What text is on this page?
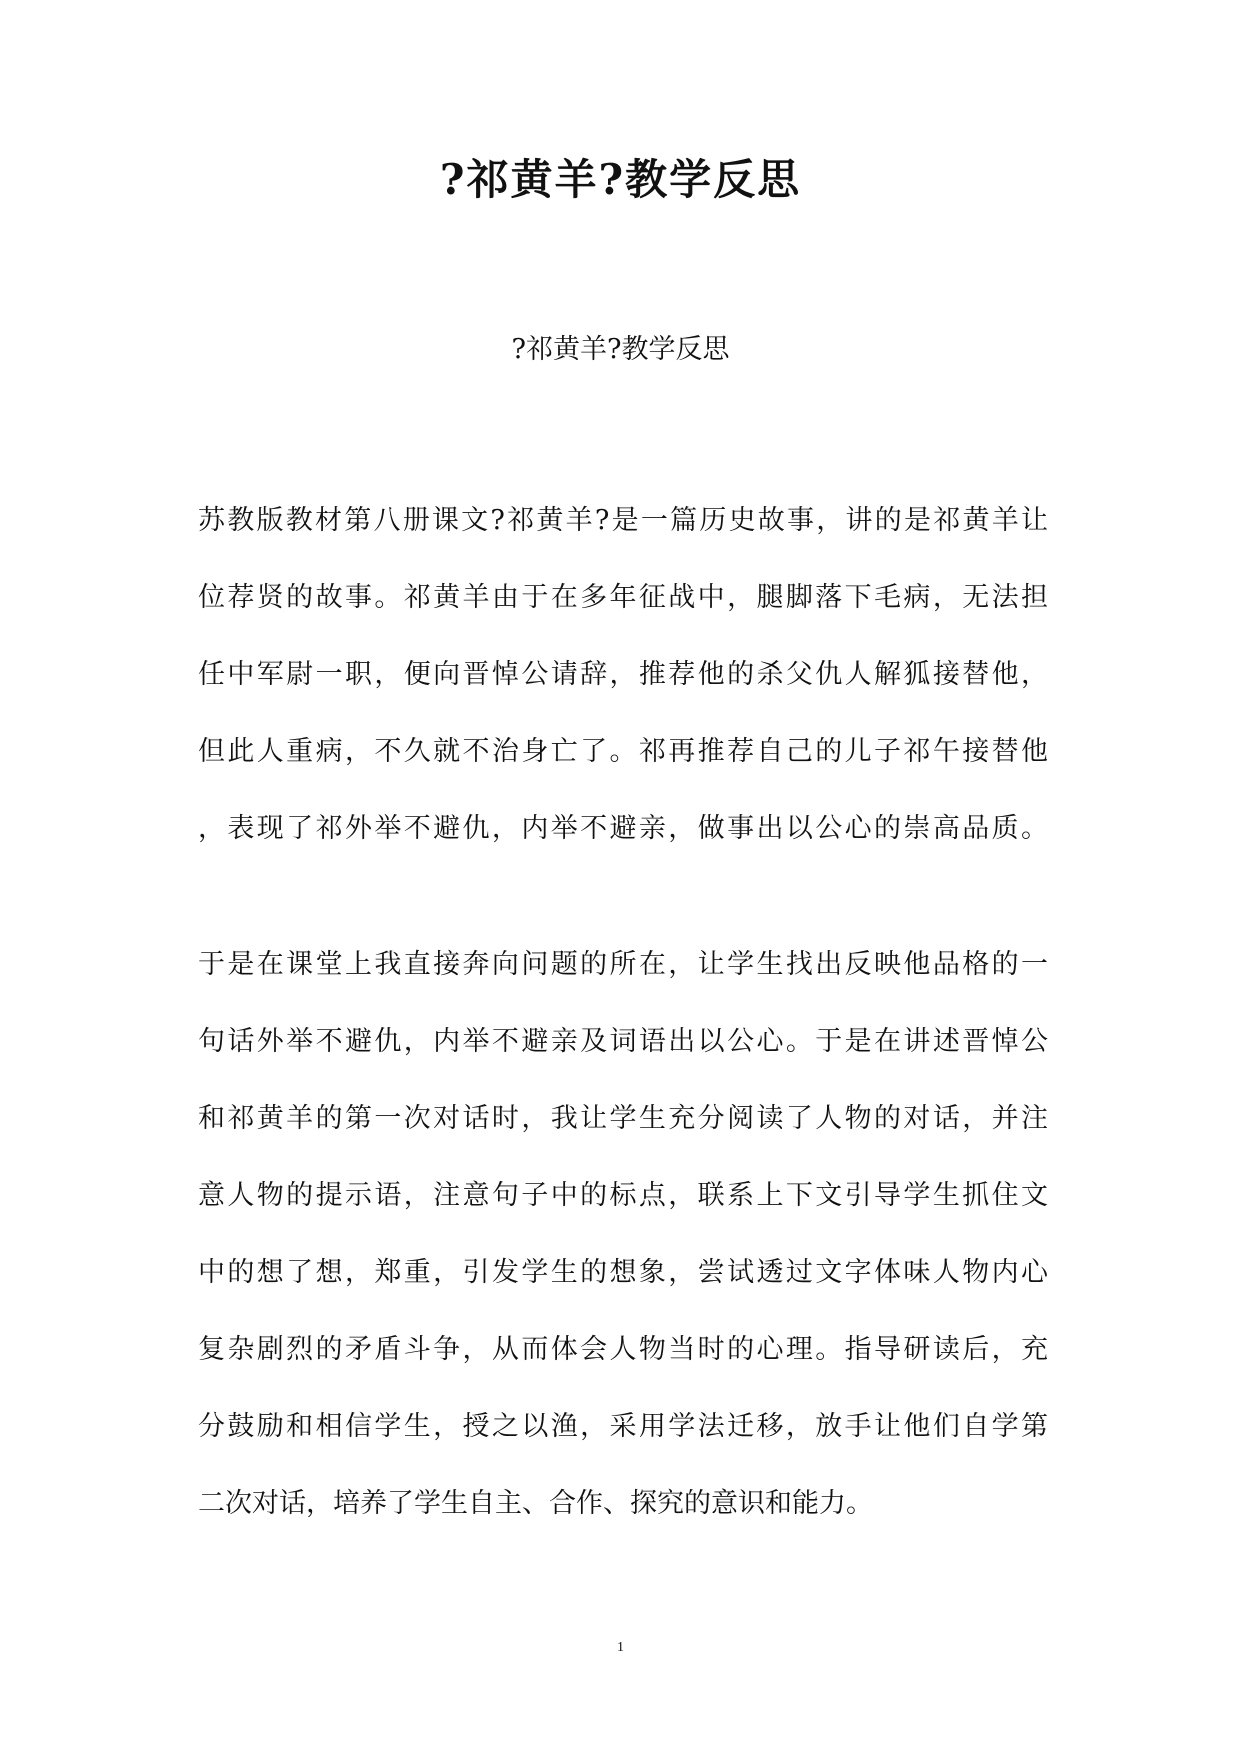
?祁黄羊?教学反思

?祁黄羊?教学反思

苏教版教材第八册课文?祁黄羊?是一篇历史故事，讲的是祁黄羊让
位荐贤的故事。祁黄羊由于在多年征战中，腿脚落下毛病，无法担
任中军尉一职，便向晋悼公请辞，推荐他的杀父仇人解狐接替他，
但此人重病，不久就不治身亡了。祁再推荐自己的儿子祁午接替他
，表现了祁外举不避仇，内举不避亲，做事出以公心的崇高品质。
于是在课堂上我直接奔向问题的所在，让学生找出反映他品格的一
句话外举不避仇，内举不避亲及词语出以公心。于是在讲述晋悼公
和祁黄羊的第一次对话时，我让学生充分阅读了人物的对话，并注
意人物的提示语，注意句子中的标点，联系上下文引导学生抓住文
中的想了想，郑重，引发学生的想象，尝试透过文字体味人物内心
复杂剧烈的矛盾斗争，从而体会人物当时的心理。指导研读后，充
分鼓励和相信学生，授之以渔，采用学法迁移，放手让他们自学第
二次对话，培养了学生自主、合作、探究的意识和能力。
1
